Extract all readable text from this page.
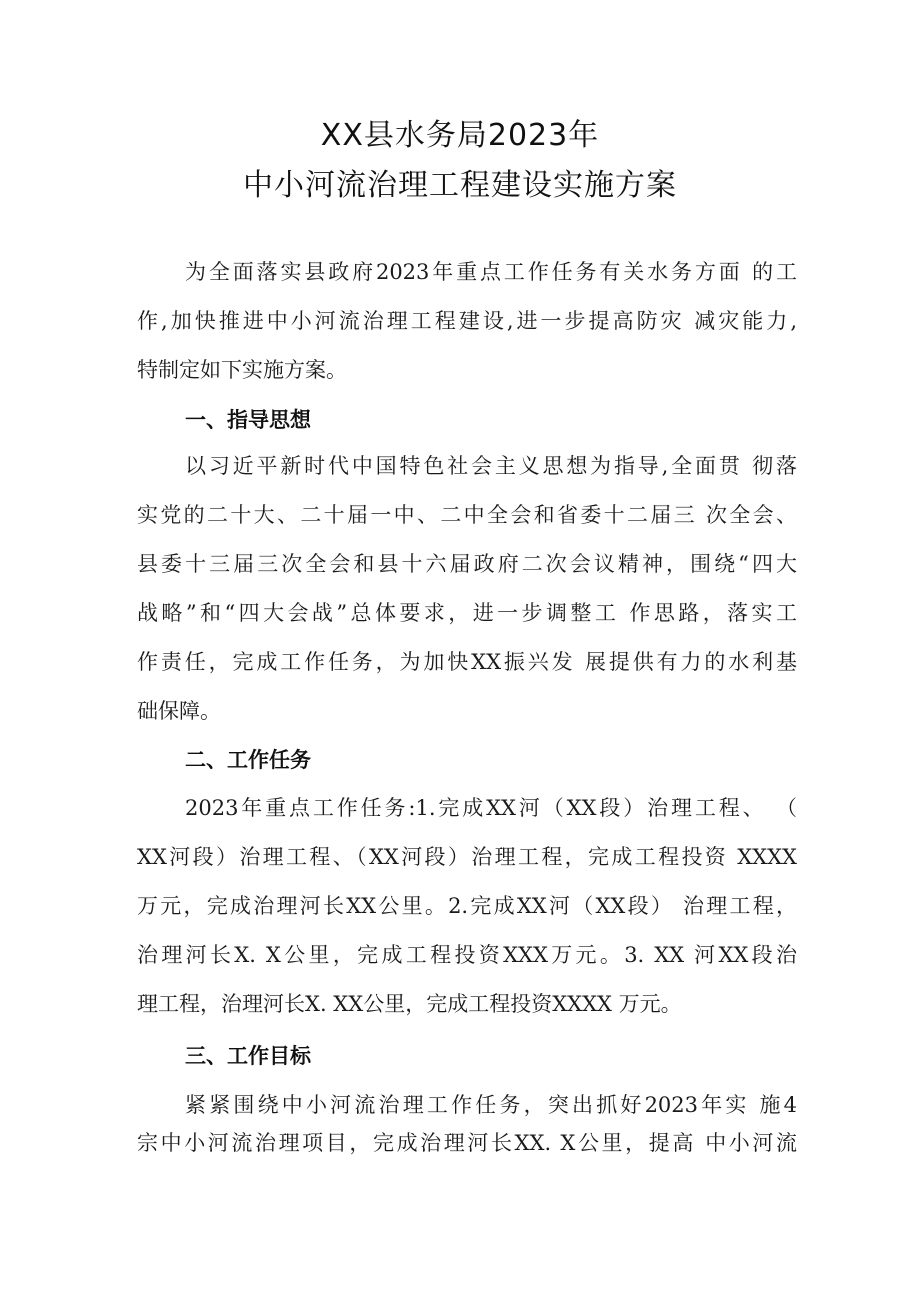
XX县水务局2023年
中小河流治理工程建设实施方案
为全面落实县政府2023年重点工作任务有关水务方面 的工
作,加快推进中小河流治理工程建设,进一步提高防灾 减灾能力,
特制定如下实施方案。
一、指导思想
以习近平新时代中国特色社会主义思想为指导,全面贯 彻落
实党的二十大、二十届一中、二中全会和省委十二届三 次全会、
县委十三届三次全会和县十六届政府二次会议精神，围绕“四大
战略”和“四大会战”总体要求，进一步调整工 作思路，落实工
作责任，完成工作任务，为加快XX振兴发 展提供有力的水利基
础保障。
二、工作任务
2023年重点工作任务:1.完成XX河（XX段）治理工程、 （
XX河段）治理工程、（XX河段）治理工程，完成工程投资 XXXX
万元，完成治理河长XX公里。2.完成XX河（XX段） 治理工程，
治理河长X. X公里，完成工程投资XXX万元。3. XX 河XX段治
理工程，治理河长X. XX公里，完成工程投资XXXX 万元。
三、工作目标
紧紧围绕中小河流治理工作任务，突出抓好2023年实 施4
宗中小河流治理项目，完成治理河长XX. X公里，提高 中小河流
